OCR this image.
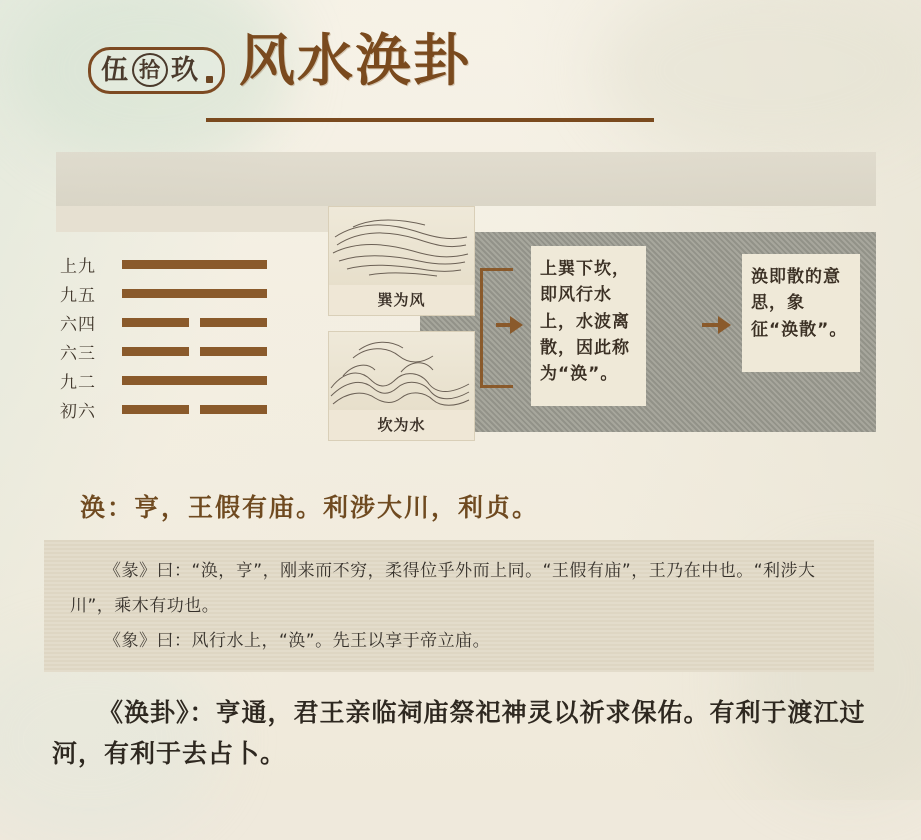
伍 拾 玖 风水涣卦
上九
九五
六四
六三
九二
初六
巽为风
坎为水
上巽下坎，即风行水上，水波离散，因此称为“涣”。
涣即散的意思，象征“涣散”。
涣：亨，王假有庙。利涉大川，利贞。

《彖》曰：“涣，亨”，刚来而不穷，柔得位乎外而上同。“王假有庙”，王乃在中也。“利涉大川”，乘木有功也。

《象》曰：风行水上，“涣”。先王以享于帝立庙。

《涣卦》：亨通，君王亲临祠庙祭祀神灵以祈求保佑。有利于渡江过河，有利于去占卜。
